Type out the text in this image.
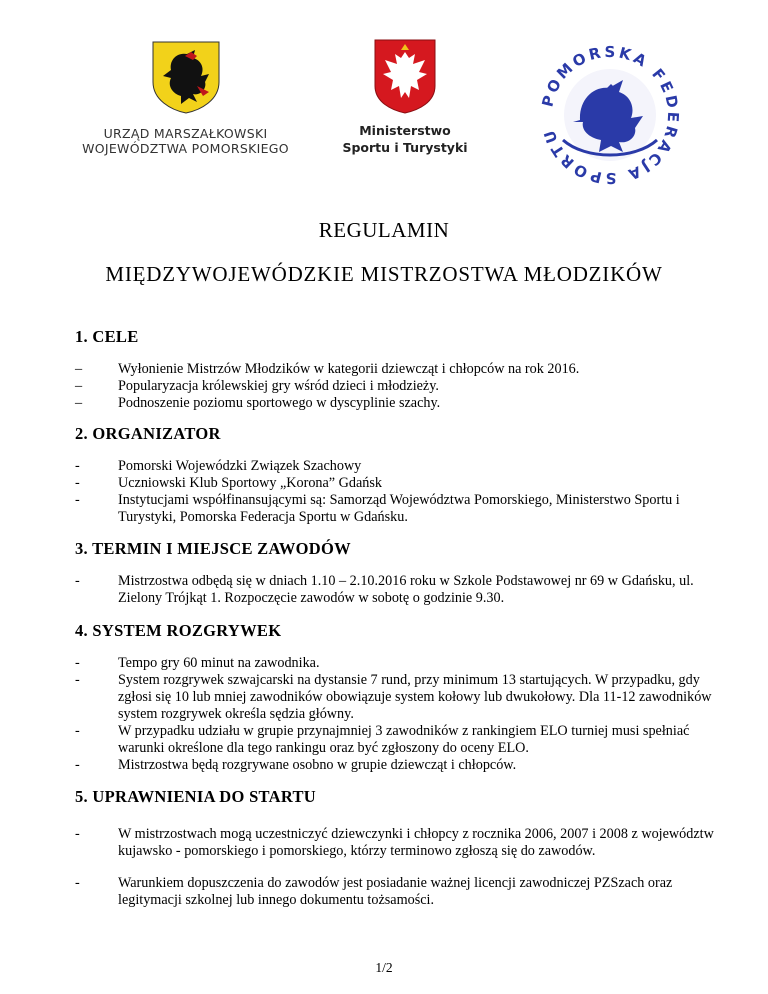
URZĄD MARSZAŁKOWSKI
WOJEWÓDZTWA POMORSKIEGO
Ministerstwo
Sportu i Turystyki
POMORSKA FEDERACJA SPORTU
REGULAMIN
MIĘDZYWOJEWÓDZKIE MISTRZOSTWA MŁODZIKÓW
1. CELE
–	Wyłonienie Mistrzów Młodzików w kategorii dziewcząt i chłopców na rok 2016.
–	Popularyzacja królewskiej gry wśród dzieci i młodzieży.
–	Podnoszenie poziomu sportowego w dyscyplinie szachy.
2. ORGANIZATOR
-	Pomorski Wojewódzki Związek Szachowy
-	Uczniowski Klub Sportowy „Korona” Gdańsk
-	Instytucjami współfinansującymi są: Samorząd Województwa Pomorskiego, Ministerstwo Sportu i Turystyki, Pomorska Federacja Sportu w Gdańsku.
3. TERMIN I MIEJSCE ZAWODÓW
-	Mistrzostwa odbędą się w dniach 1.10 – 2.10.2016 roku w Szkole Podstawowej nr 69 w Gdańsku, ul. Zielony Trójkąt 1. Rozpoczęcie zawodów w sobotę o godzinie 9.30.
4. SYSTEM ROZGRYWEK
-	Tempo gry 60 minut na zawodnika.
-	System rozgrywek szwajcarski na dystansie 7 rund, przy minimum 13 startujących. W przypadku, gdy zgłosi się 10 lub mniej zawodników obowiązuje system kołowy lub dwukołowy. Dla 11-12 zawodników system rozgrywek określa sędzia główny.
-	W przypadku udziału w grupie przynajmniej 3 zawodników z rankingiem ELO turniej musi spełniać warunki określone dla tego rankingu oraz być zgłoszony do oceny ELO.
-	Mistrzostwa będą rozgrywane osobno w grupie dziewcząt i chłopców.
5. UPRAWNIENIA DO STARTU
-	W mistrzostwach mogą uczestniczyć dziewczynki i chłopcy z rocznika 2006, 2007 i 2008 z województw kujawsko - pomorskiego i pomorskiego, którzy terminowo zgłoszą się do zawodów.
-	Warunkiem dopuszczenia do zawodów jest posiadanie ważnej licencji zawodniczej PZSzach oraz legitymacji szkolnej lub innego dokumentu tożsamości.
1/2
